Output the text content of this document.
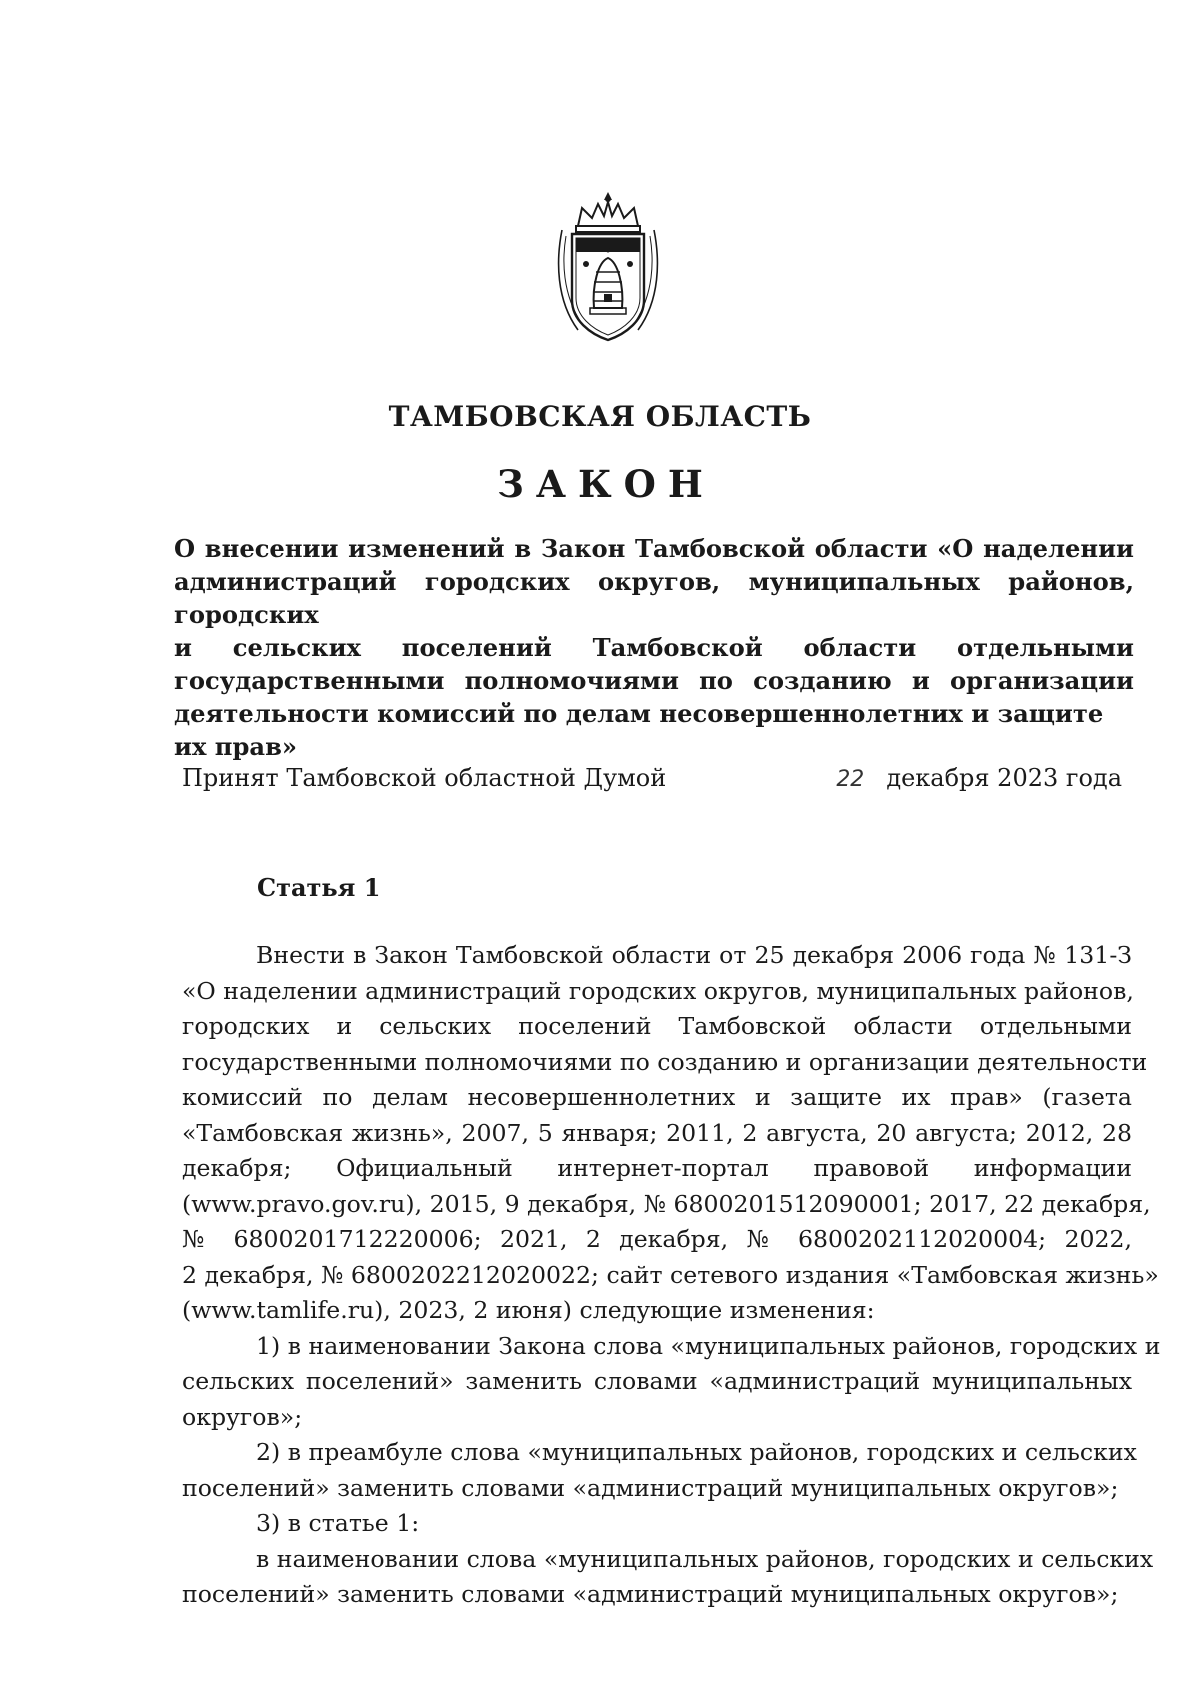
ТАМБОВСКАЯ ОБЛАСТЬ
ЗАКОН
О внесении изменений в Закон Тамбовской области «О наделении
администраций городских округов, муниципальных районов, городских
и сельских поселений Тамбовской области отдельными
государственными полномочиями по созданию и организации
деятельности комиссий по делам несовершеннолетних и защите их прав»
Принят Тамбовской областной Думой	22 декабря 2023 года
Статья 1
Внести в Закон Тамбовской области от 25 декабря 2006 года № 131-З
«О наделении администраций городских округов, муниципальных районов,
городских и сельских поселений Тамбовской области отдельными
государственными полномочиями по созданию и организации деятельности
комиссий по делам несовершеннолетних и защите их прав» (газета
«Тамбовская жизнь», 2007, 5 января; 2011, 2 августа, 20 августа; 2012, 28
декабря; Официальный интернет-портал правовой информации
(www.pravo.gov.ru), 2015, 9 декабря, № 6800201512090001; 2017, 22 декабря,
№ 6800201712220006; 2021, 2 декабря, № 6800202112020004; 2022,
2 декабря, № 6800202212020022; сайт сетевого издания «Тамбовская жизнь»
(www.tamlife.ru), 2023, 2 июня) следующие изменения:
1) в наименовании Закона слова «муниципальных районов, городских и
сельских поселений» заменить словами «администраций муниципальных
округов»;
2) в преамбуле слова «муниципальных районов, городских и сельских
поселений» заменить словами «администраций муниципальных округов»;
3) в статье 1:
в наименовании слова «муниципальных районов, городских и сельских
поселений» заменить словами «администраций муниципальных округов»;
